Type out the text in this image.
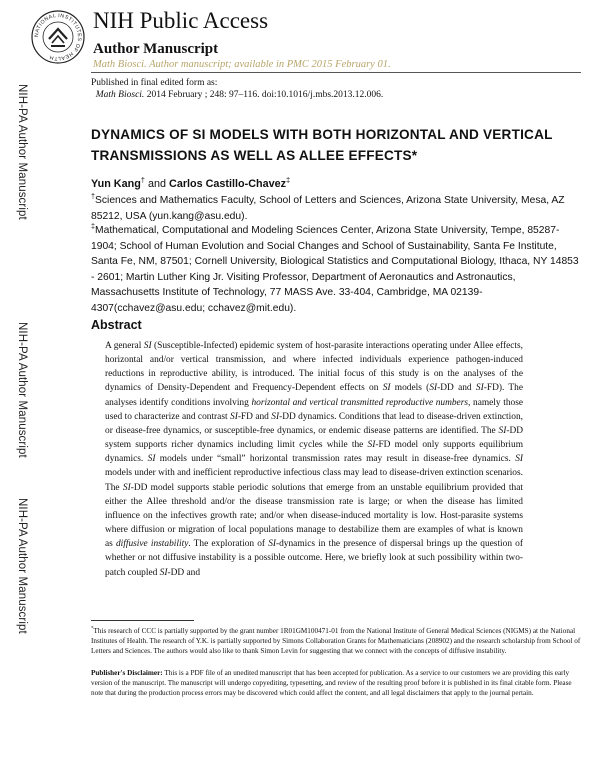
NATIONAL INSTITUTES OF HEALTH
NIH Public Access
Author Manuscript
Math Biosci. Author manuscript; available in PMC 2015 February 01.
Published in final edited form as:
Math Biosci. 2014 February ; 248: 97–116. doi:10.1016/j.mbs.2013.12.006.
NIH-PA Author Manuscript
NIH-PA Author Manuscript
NIH-PA Author Manuscript
DYNAMICS OF SI MODELS WITH BOTH HORIZONTAL AND VERTICAL TRANSMISSIONS AS WELL AS ALLEE EFFECTS*
Yun Kang† and Carlos Castillo-Chavez‡
†Sciences and Mathematics Faculty, School of Letters and Sciences, Arizona State University, Mesa, AZ 85212, USA (yun.kang@asu.edu).
‡Mathematical, Computational and Modeling Sciences Center, Arizona State University, Tempe, 85287-1904; School of Human Evolution and Social Changes and School of Sustainability, Santa Fe Institute, Santa Fe, NM, 87501; Cornell University, Biological Statistics and Computational Biology, Ithaca, NY 14853 - 2601; Martin Luther King Jr. Visiting Professor, Department of Aeronautics and Astronautics, Massachusetts Institute of Technology, 77 MASS Ave. 33-404, Cambridge, MA 02139-4307(cchavez@asu.edu; cchavez@mit.edu).
Abstract
A general SI (Susceptible-Infected) epidemic system of host-parasite interactions operating under Allee effects, horizontal and/or vertical transmission, and where infected individuals experience pathogen-induced reductions in reproductive ability, is introduced. The initial focus of this study is on the analyses of the dynamics of Density-Dependent and Frequency-Dependent effects on SI models (SI-DD and SI-FD). The analyses identify conditions involving horizontal and vertical transmitted reproductive numbers, namely those used to characterize and contrast SI-FD and SI-DD dynamics. Conditions that lead to disease-driven extinction, or disease-free dynamics, or susceptible-free dynamics, or endemic disease patterns are identified. The SI-DD system supports richer dynamics including limit cycles while the SI-FD model only supports equilibrium dynamics. SI models under “small” horizontal transmission rates may result in disease-free dynamics. SI models under with and inefficient reproductive infectious class may lead to disease-driven extinction scenarios. The SI-DD model supports stable periodic solutions that emerge from an unstable equilibrium provided that either the Allee threshold and/or the disease transmission rate is large; or when the disease has limited influence on the infectives growth rate; and/or when disease-induced mortality is low. Host-parasite systems where diffusion or migration of local populations manage to destabilize them are examples of what is known as diffusive instability. The exploration of SI-dynamics in the presence of dispersal brings up the question of whether or not diffusive instability is a possible outcome. Here, we briefly look at such possibility within two-patch coupled SI-DD and
*This research of CCC is partially supported by the grant number 1R01GM100471-01 from the National Institute of General Medical Sciences (NIGMS) at the National Institutes of Health. The research of Y.K. is partially supported by Simons Collaboration Grants for Mathematicians (208902) and the research scholarship from School of Letters and Sciences. The authors would also like to thank Simon Levin for suggesting that we connect with the concepts of diffusive instability.
Publisher's Disclaimer: This is a PDF file of an unedited manuscript that has been accepted for publication. As a service to our customers we are providing this early version of the manuscript. The manuscript will undergo copyediting, typesetting, and review of the resulting proof before it is published in its final citable form. Please note that during the production process errors may be discovered which could affect the content, and all legal disclaimers that apply to the journal pertain.
